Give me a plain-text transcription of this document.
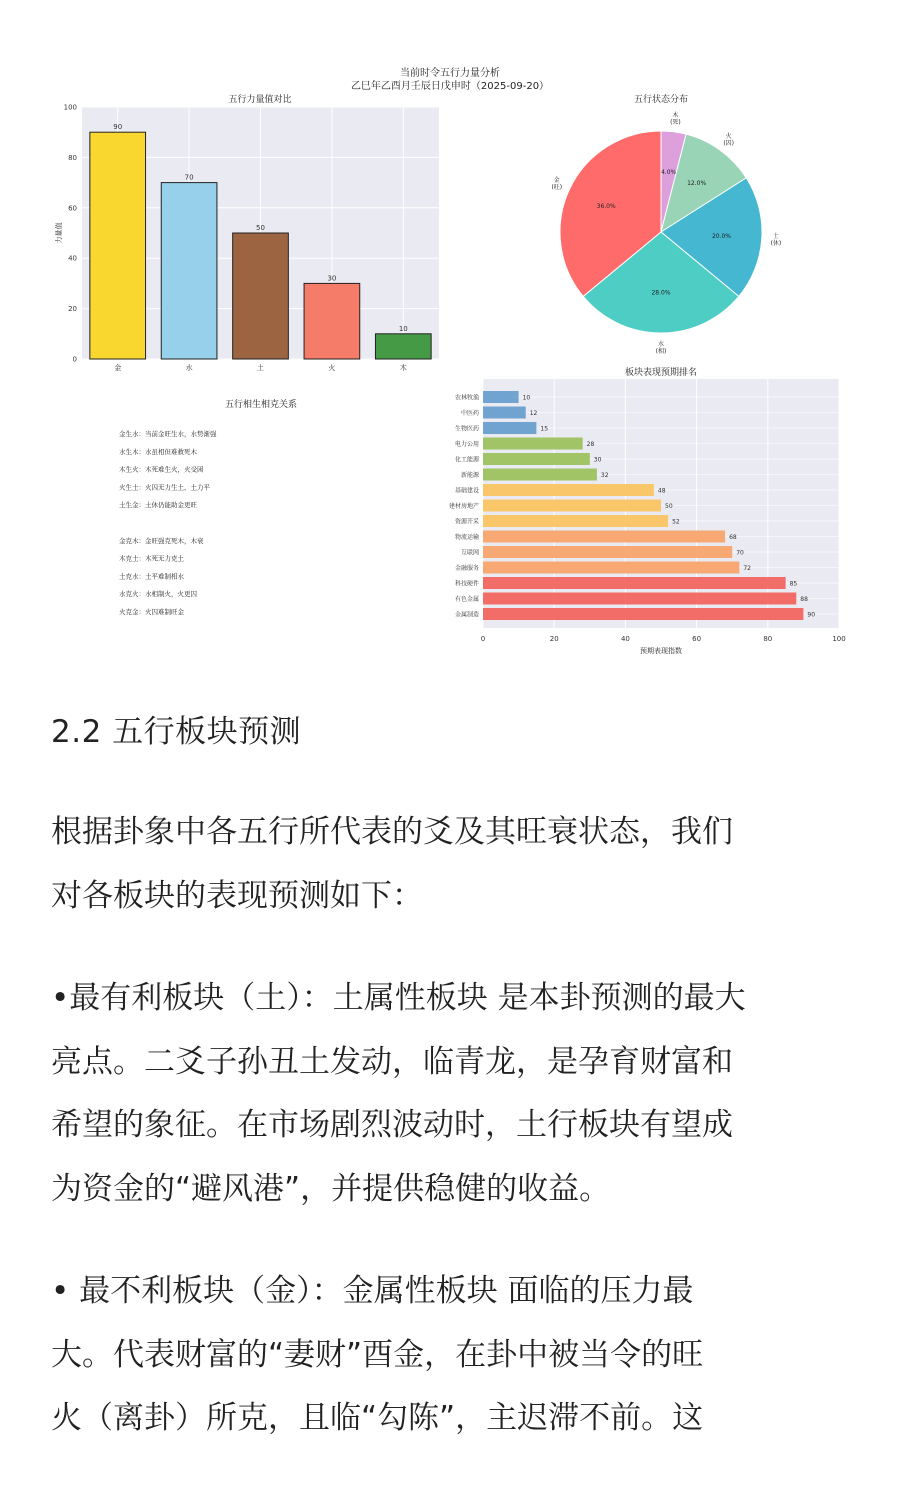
当前时令五行力量分析
乙巳年乙酉月壬辰日戊申时（2025-09-20）
五行力量值对比
力量值
0
20
40
60
80
100
90
金
70
水
50
土
30
火
10
木
五行状态分布
4.0%
木
(死)
12.0%
火
(囚)
20.0%	土
(休)
28.0%
水
(相)
36.0%
金
(旺)
五行相生相克关系
金生水：当前金旺生水，水势渐强
水生木：水虽相但难救死木
木生火：木死难生火，火受困
火生土：火囚无力生土，土力平
土生金：土休仍能助金更旺
金克木：金旺强克死木，木衰
木克土：木死无力克土
土克水：土平难制相水
水克火：水相制火，火更囚
火克金：火囚难制旺金
板块表现预期排名
预期表现指数
0	20	40	60	80	100
10
农林牧渔
12
中医药
15
生物医药
28
电力公用
30
化工能源
32
新能源
48
基础建设
50
建材房地产
52
资源开采
68
物流运输
70
互联网
72
金融服务
85
科技硬件
88
有色金属
90
金属制造
2.2 五行板块预测
根据卦象中各五行所代表的爻及其旺衰状态，我们
对各板块的表现预测如下：
•最有利板块（土）：土属性板块 是本卦预测的最大
亮点。二爻子孙丑土发动，临青龙，是孕育财富和
希望的象征。在市场剧烈波动时，土行板块有望成
为资金的“避风港”，并提供稳健的收益。
• 最不利板块（金）：金属性板块 面临的压力最
大。代表财富的“妻财”酉金，在卦中被当令的旺
火（离卦）所克，且临“勾陈”，主迟滞不前。这
